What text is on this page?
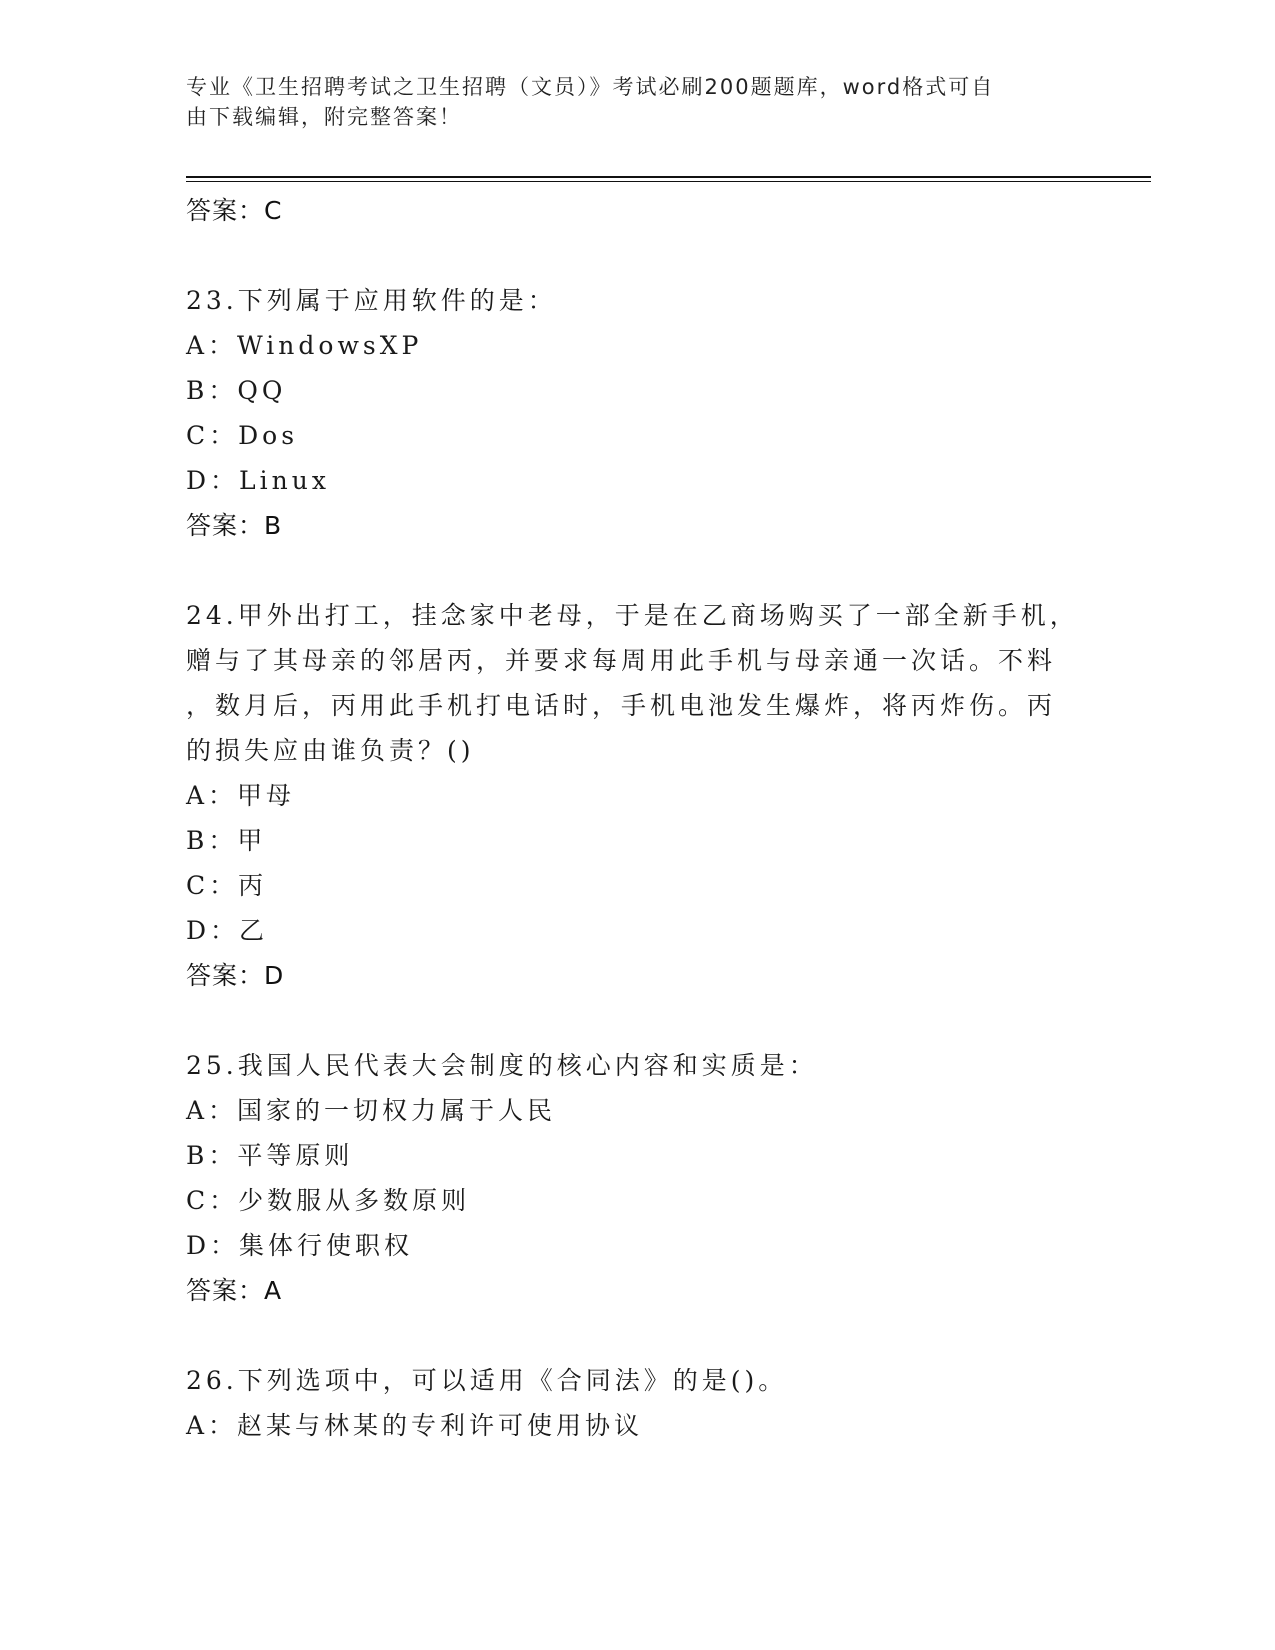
专业《卫生招聘考试之卫生招聘（文员）》考试必刷200题题库，word格式可自
由下载编辑，附完整答案！
答案：C
23.下列属于应用软件的是：
A：WindowsXP
B：QQ
C：Dos
D：Linux
答案：B
24.甲外出打工，挂念家中老母，于是在乙商场购买了一部全新手机，
赠与了其母亲的邻居丙，并要求每周用此手机与母亲通一次话。不料
，数月后，丙用此手机打电话时，手机电池发生爆炸，将丙炸伤。丙
的损失应由谁负责？()
A：甲母
B：甲
C：丙
D：乙
答案：D
25.我国人民代表大会制度的核心内容和实质是：
A：国家的一切权力属于人民
B：平等原则
C：少数服从多数原则
D：集体行使职权
答案：A
26.下列选项中，可以适用《合同法》的是()。
A：赵某与林某的专利许可使用协议
